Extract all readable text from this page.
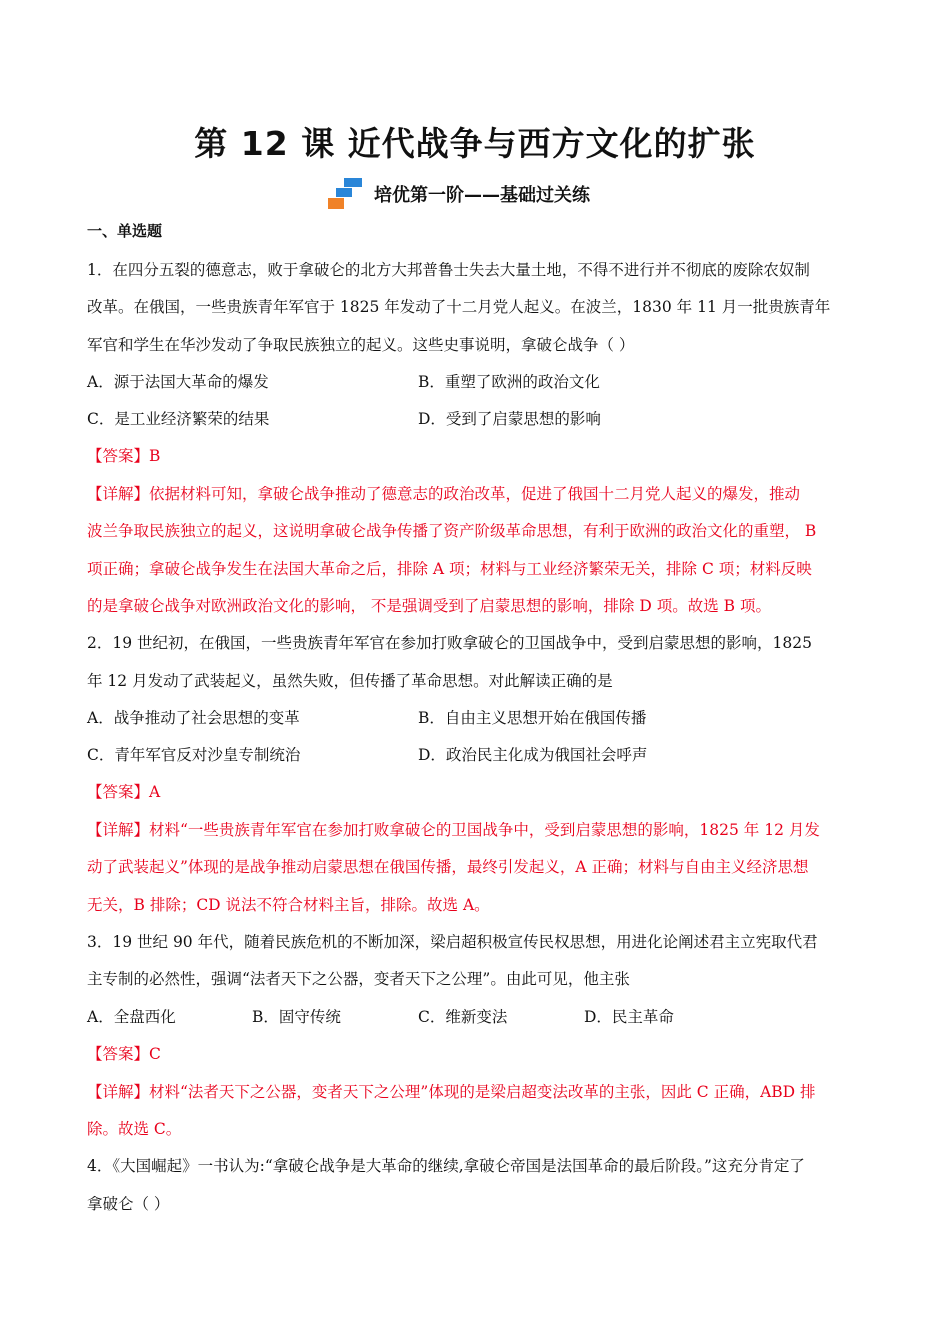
第 12 课 近代战争与西方文化的扩张
培优第一阶——基础过关练
一、单选题
1．在四分五裂的德意志，败于拿破仑的北方大邦普鲁士失去大量土地，不得不进行并不彻底的废除农奴制
改革。在俄国，一些贵族青年军官于 1825 年发动了十二月党人起义。在波兰，1830 年 11 月一批贵族青年
军官和学生在华沙发动了争取民族独立的起义。这些史事说明，拿破仑战争（ ）
A．源于法国大革命的爆发	B．重塑了欧洲的政治文化
C．是工业经济繁荣的结果	D．受到了启蒙思想的影响
【答案】B
【详解】依据材料可知，拿破仑战争推动了德意志的政治改革，促进了俄国十二月党人起义的爆发，推动
波兰争取民族独立的起义，这说明拿破仑战争传播了资产阶级革命思想，有利于欧洲的政治文化的重塑， B
项正确；拿破仑战争发生在法国大革命之后，排除 A 项；材料与工业经济繁荣无关，排除 C 项；材料反映
的是拿破仑战争对欧洲政治文化的影响， 不是强调受到了启蒙思想的影响，排除 D 项。故选 B 项。
2．19 世纪初，在俄国，一些贵族青年军官在参加打败拿破仑的卫国战争中，受到启蒙思想的影响，1825
年 12 月发动了武装起义，虽然失败，但传播了革命思想。对此解读正确的是
A．战争推动了社会思想的变革	B．自由主义思想开始在俄国传播
C．青年军官反对沙皇专制统治	D．政治民主化成为俄国社会呼声
【答案】A
【详解】材料“一些贵族青年军官在参加打败拿破仑的卫国战争中，受到启蒙思想的影响，1825 年 12 月发
动了武装起义”体现的是战争推动启蒙思想在俄国传播，最终引发起义，A 正确；材料与自由主义经济思想
无关，B 排除；CD 说法不符合材料主旨，排除。故选 A。
3．19 世纪 90 年代，随着民族危机的不断加深，梁启超积极宣传民权思想，用进化论阐述君主立宪取代君
主专制的必然性，强调“法者天下之公器，变者天下之公理”。由此可见，他主张
A．全盘西化	B．固守传统	C．维新变法	D．民主革命
【答案】C
【详解】材料“法者天下之公器，变者天下之公理”体现的是梁启超变法改革的主张，因此 C 正确，ABD 排
除。故选 C。
4．《大国崛起》一书认为:“拿破仑战争是大革命的继续,拿破仑帝国是法国革命的最后阶段。”这充分肯定了
拿破仑（ ）
